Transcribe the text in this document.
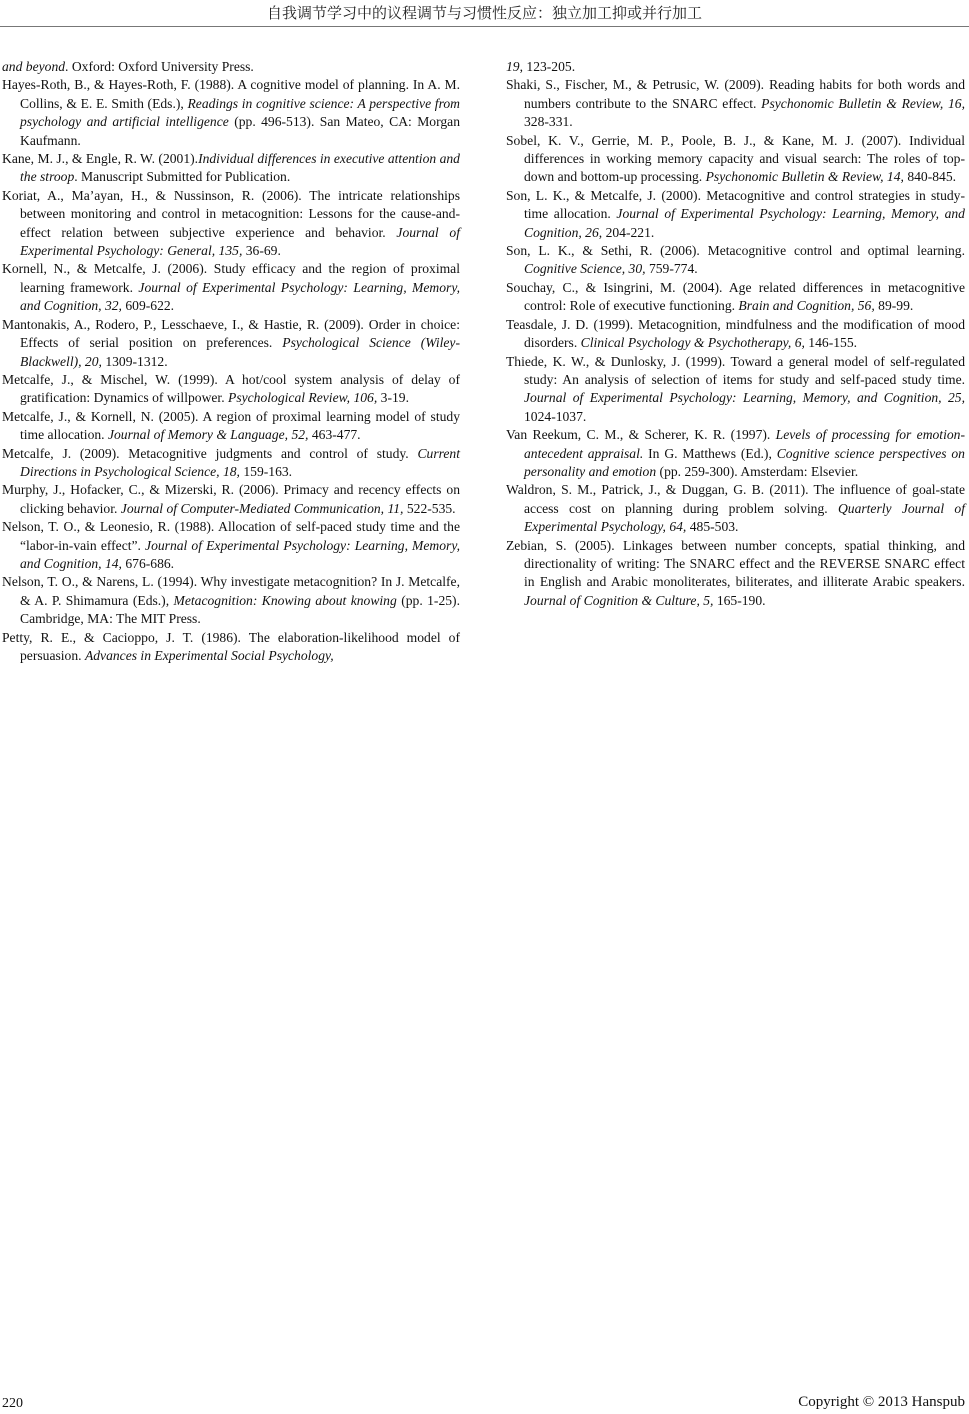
自我调节学习中的议程调节与习惯性反应：独立加工抑或并行加工

and beyond. Oxford: Oxford University Press.

Hayes-Roth, B., & Hayes-Roth, F. (1988). A cognitive model of planning. In A. M. Collins, & E. E. Smith (Eds.), Readings in cognitive science: A perspective from psychology and artificial intelligence (pp. 496-513). San Mateo, CA: Morgan Kaufmann.

Kane, M. J., & Engle, R. W. (2001).Individual differences in executive attention and the stroop. Manuscript Submitted for Publication.

Koriat, A., Ma’ayan, H., & Nussinson, R. (2006). The intricate relationships between monitoring and control in metacognition: Lessons for the cause-and-effect relation between subjective experience and behavior. Journal of Experimental Psychology: General, 135, 36-69.

Kornell, N., & Metcalfe, J. (2006). Study efficacy and the region of proximal learning framework. Journal of Experimental Psychology: Learning, Memory, and Cognition, 32, 609-622.

Mantonakis, A., Rodero, P., Lesschaeve, I., & Hastie, R. (2009). Order in choice: Effects of serial position on preferences. Psychological Science (Wiley-Blackwell), 20, 1309-1312.

Metcalfe, J., & Mischel, W. (1999). A hot/cool system analysis of delay of gratification: Dynamics of willpower. Psychological Review, 106, 3-19.

Metcalfe, J., & Kornell, N. (2005). A region of proximal learning model of study time allocation. Journal of Memory & Language, 52, 463-477.

Metcalfe, J. (2009). Metacognitive judgments and control of study. Current Directions in Psychological Science, 18, 159-163.

Murphy, J., Hofacker, C., & Mizerski, R. (2006). Primacy and recency effects on clicking behavior. Journal of Computer-Mediated Communication, 11, 522-535.

Nelson, T. O., & Leonesio, R. (1988). Allocation of self-paced study time and the “labor-in-vain effect”. Journal of Experimental Psychology: Learning, Memory, and Cognition, 14, 676-686.

Nelson, T. O., & Narens, L. (1994). Why investigate metacognition? In J. Metcalfe, & A. P. Shimamura (Eds.), Metacognition: Knowing about knowing (pp. 1-25). Cambridge, MA: The MIT Press.

Petty, R. E., & Cacioppo, J. T. (1986). The elaboration-likelihood model of persuasion. Advances in Experimental Social Psychology,

19, 123-205.

Shaki, S., Fischer, M., & Petrusic, W. (2009). Reading habits for both words and numbers contribute to the SNARC effect. Psychonomic Bulletin & Review, 16, 328-331.

Sobel, K. V., Gerrie, M. P., Poole, B. J., & Kane, M. J. (2007). Individual differences in working memory capacity and visual search: The roles of top-down and bottom-up processing. Psychonomic Bulletin & Review, 14, 840-845.

Son, L. K., & Metcalfe, J. (2000). Metacognitive and control strategies in study-time allocation. Journal of Experimental Psychology: Learning, Memory, and Cognition, 26, 204-221.

Son, L. K., & Sethi, R. (2006). Metacognitive control and optimal learning. Cognitive Science, 30, 759-774.

Souchay, C., & Isingrini, M. (2004). Age related differences in metacognitive control: Role of executive functioning. Brain and Cognition, 56, 89-99.

Teasdale, J. D. (1999). Metacognition, mindfulness and the modification of mood disorders. Clinical Psychology & Psychotherapy, 6, 146-155.

Thiede, K. W., & Dunlosky, J. (1999). Toward a general model of self-regulated study: An analysis of selection of items for study and self-paced study time. Journal of Experimental Psychology: Learning, Memory, and Cognition, 25, 1024-1037.

Van Reekum, C. M., & Scherer, K. R. (1997). Levels of processing for emotion-antecedent appraisal. In G. Matthews (Ed.), Cognitive science perspectives on personality and emotion (pp. 259-300). Amsterdam: Elsevier.

Waldron, S. M., Patrick, J., & Duggan, G. B. (2011). The influence of goal-state access cost on planning during problem solving. Quarterly Journal of Experimental Psychology, 64, 485-503.

Zebian, S. (2005). Linkages between number concepts, spatial thinking, and directionality of writing: The SNARC effect and the REVERSE SNARC effect in English and Arabic monoliterates, biliterates, and illiterate Arabic speakers. Journal of Cognition & Culture, 5, 165-190.

220	Copyright © 2013 Hanspub
